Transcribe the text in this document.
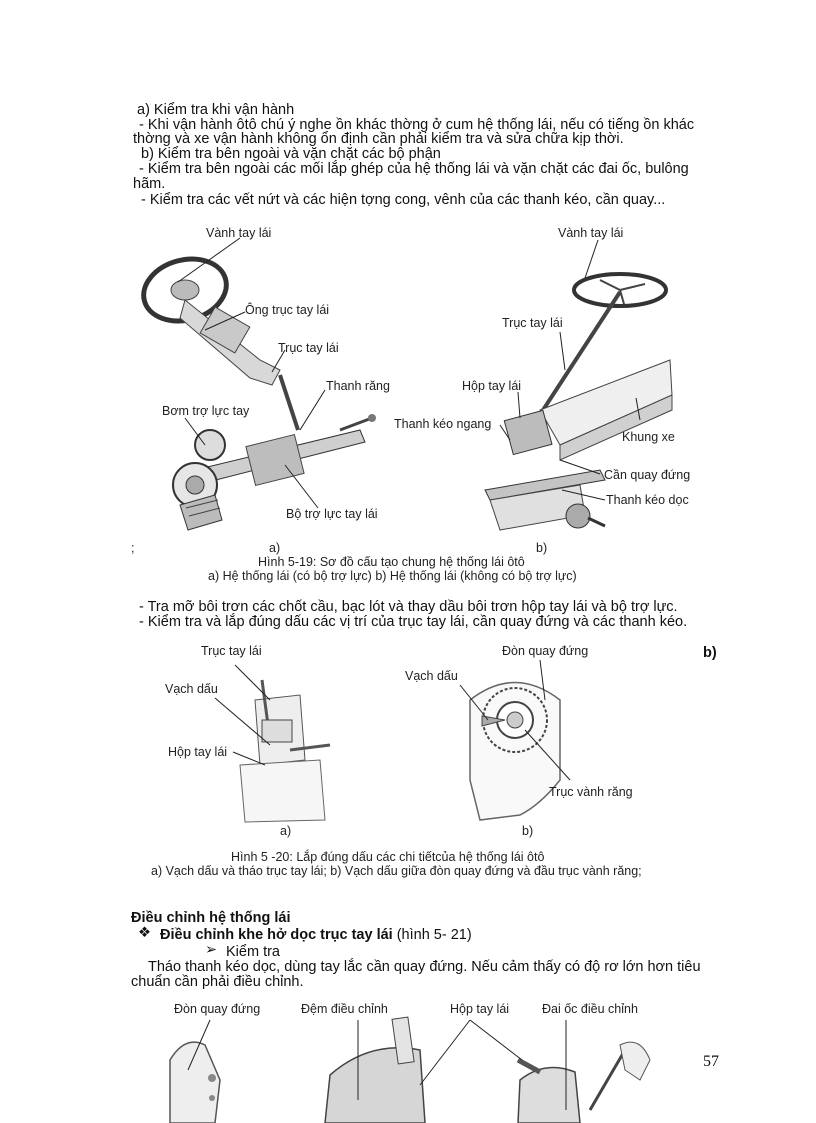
a) Kiểm tra khi vận hành
- Khi vận hành ôtô chú ý nghe ồn khác thờng ở cum hệ thống lái, nếu có tiếng ồn khác
thờng và xe vận hành không ổn định cần phải kiểm tra và sửa chữa kịp thời.
b) Kiểm tra bên ngoài và vặn chặt các bộ phận
- Kiểm tra bên ngoài các mối lắp ghép của hệ thống lái và vặn chặt các đai ốc, bulông
hãm.
- Kiểm tra các vết nứt và các hiện tợng cong, vênh của các thanh kéo, cần quay...
Vành tay lái
Ông trục tay lái
Trục tay lái
Thanh răng
Bơm trợ lực tay
Bộ trợ lực tay lái
Vành tay lái
Trục tay lái
Hộp tay lái
Thanh kéo ngang
Khung xe
Cần quay đứng
Thanh kéo dọc
;	a)	b)
Hình 5-19: Sơ đồ cấu tạo chung hệ thống lái ôtô
a) Hệ thống lái (có bộ trợ lực) b) Hệ thống lái (không có bộ trợ lực)
- Tra mỡ bôi trơn các chốt cầu, bạc lót và thay dầu bôi trơn hộp tay lái và bộ trợ lực.
- Kiểm tra và lắp đúng dấu các vị trí của trục tay lái, cần quay đứng và các thanh kéo.
Trục tay lái
Vạch dấu
Hộp tay lái
Đòn quay đứng
Vạch dấu
Trục vành răng
b)
a)	b)
Hình 5 -20: Lắp đúng dấu các chi tiếtcủa hệ thống lái ôtô
a) Vạch dấu và tháo trục tay lái; b) Vạch dấu giữa đòn quay đứng và đầu trục vành răng;
Điều chỉnh hệ thống lái
❖ Điều chỉnh khe hở dọc trục tay lái (hình 5- 21)
➢ Kiểm tra
Tháo thanh kéo dọc, dùng tay lắc cần quay đứng. Nếu cảm thấy có độ rơ lớn hơn tiêu
chuẩn cần phải điều chỉnh.
Đòn quay đứng	Đệm điều chỉnh	Hộp tay lái	Đai ốc điều chỉnh
57
